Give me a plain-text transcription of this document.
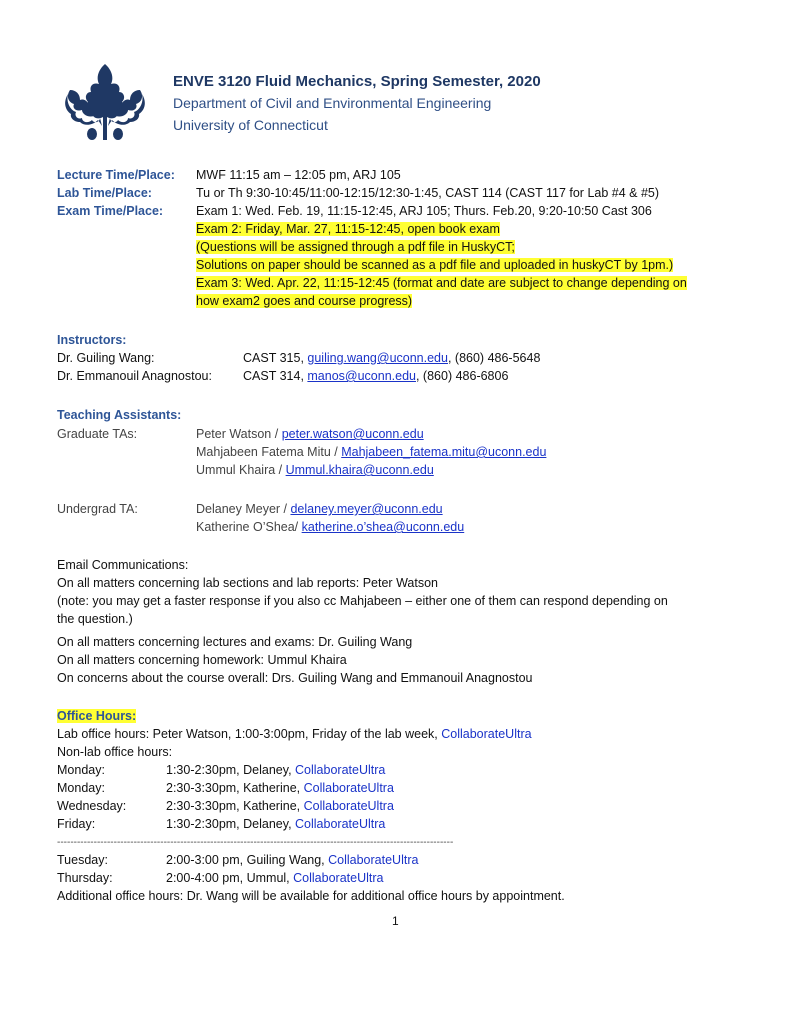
ENVE 3120 Fluid Mechanics, Spring Semester, 2020
Department of Civil and Environmental Engineering
University of Connecticut
Lecture Time/Place: MWF 11:15 am – 12:05 pm, ARJ 105
Lab Time/Place:	Tu or Th 9:30-10:45/11:00-12:15/12:30-1:45, CAST 114 (CAST 117 for Lab #4 & #5)
Exam Time/Place:	Exam 1: Wed. Feb. 19, 11:15-12:45, ARJ 105; Thurs. Feb.20, 9:20-10:50 Cast 306
Exam 2: Friday, Mar. 27, 11:15-12:45, open book exam
(Questions will be assigned through a pdf file in HuskyCT;
Solutions on paper should be scanned as a pdf file and uploaded in huskyCT by 1pm.)
Exam 3: Wed. Apr. 22, 11:15-12:45 (format and date are subject to change depending on
how exam2 goes and course progress)
Instructors:
Dr. Guiling Wang:	CAST 315, guiling.wang@uconn.edu, (860) 486-5648
Dr. Emmanouil Anagnostou: CAST 314, manos@uconn.edu, (860) 486-6806
Teaching Assistants:
Graduate TAs:	Peter Watson / peter.watson@uconn.edu
Mahjabeen Fatema Mitu / Mahjabeen_fatema.mitu@uconn.edu
Ummul Khaira / Ummul.khaira@uconn.edu
Undergrad TA:	Delaney Meyer / delaney.meyer@uconn.edu
Katherine O’Shea/ katherine.o’shea@uconn.edu
Email Communications:
On all matters concerning lab sections and lab reports: Peter Watson
(note: you may get a faster response if you also cc Mahjabeen – either one of them can respond depending on
the question.)
On all matters concerning lectures and exams: Dr. Guiling Wang
On all matters concerning homework: Ummul Khaira
On concerns about the course overall: Drs. Guiling Wang and Emmanouil Anagnostou
Office Hours:
Lab office hours: Peter Watson, 1:00-3:00pm, Friday of the lab week, CollaborateUltra
Non-lab office hours:
Monday:	1:30-2:30pm, Delaney, CollaborateUltra
Monday:	2:30-3:30pm, Katherine, CollaborateUltra
Wednesday:	2:30-3:30pm, Katherine, CollaborateUltra
Friday:	1:30-2:30pm, Delaney, CollaborateUltra
-----------------------------------------------------------------------------------------------------------------------
Tuesday:	2:00-3:00 pm, Guiling Wang, CollaborateUltra
Thursday:	2:00-4:00 pm, Ummul, CollaborateUltra
Additional office hours: Dr. Wang will be available for additional office hours by appointment.
1
